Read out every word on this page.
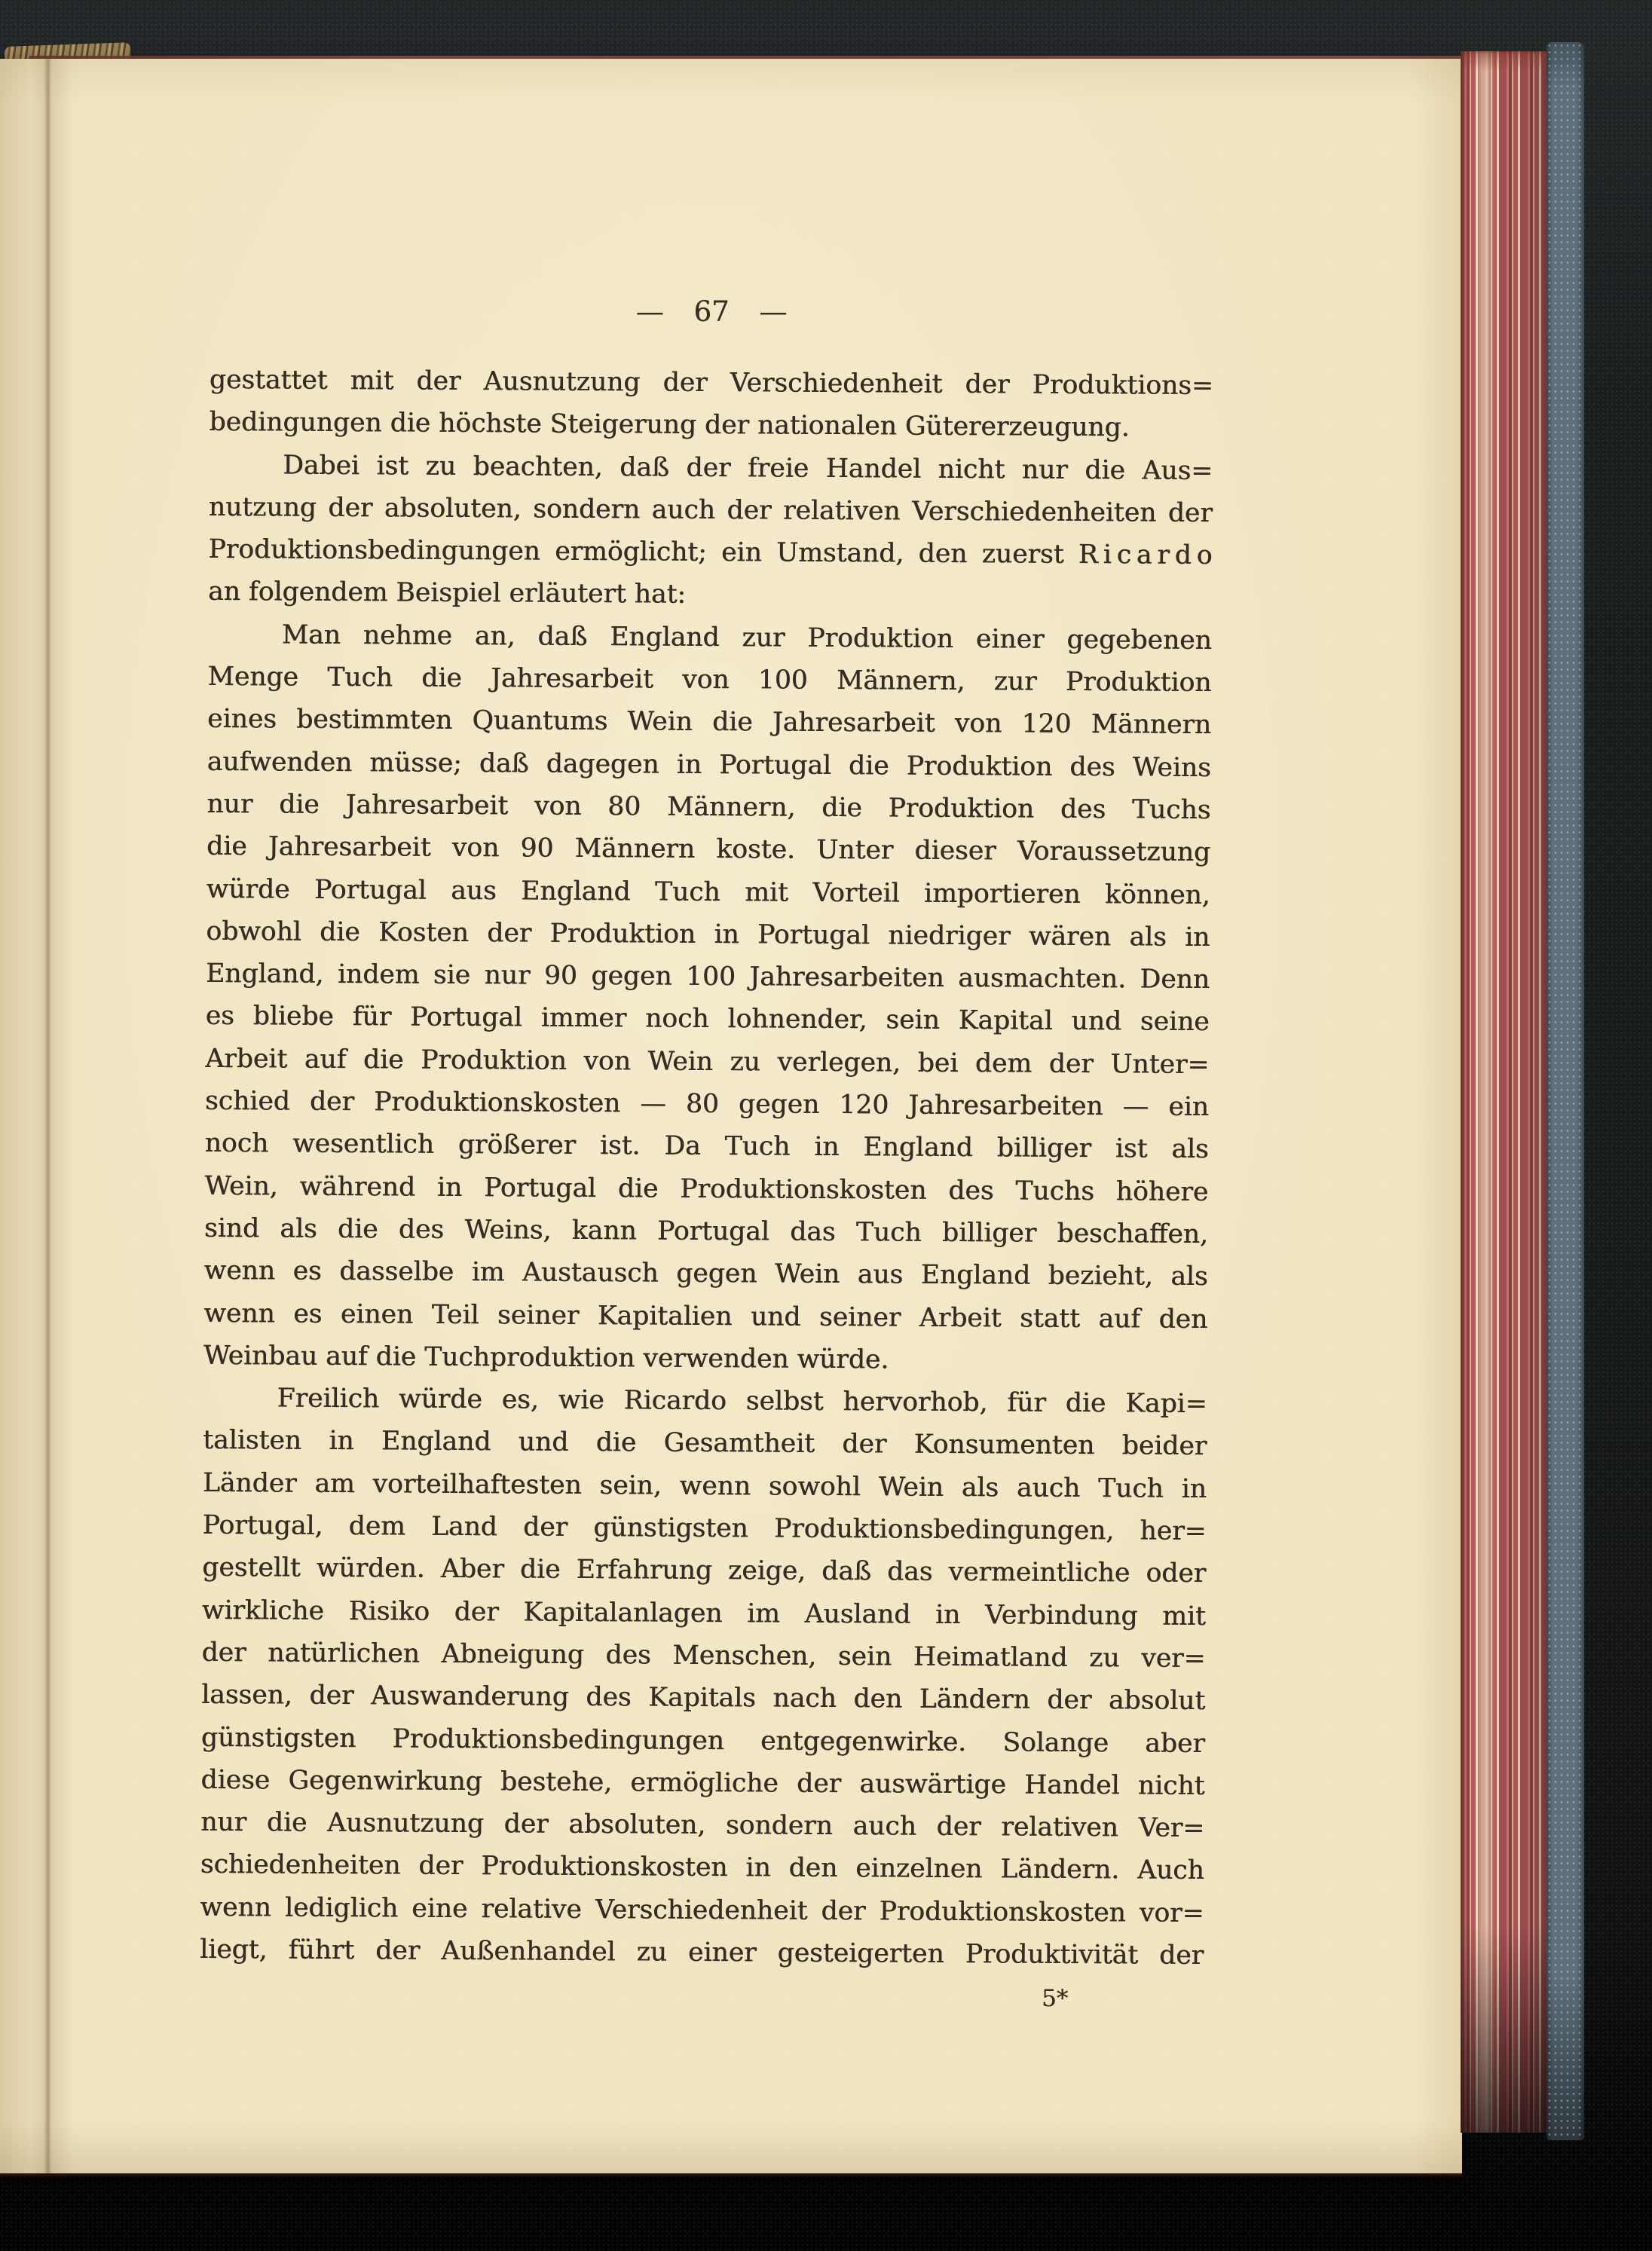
— 67 —
gestattet mit der Ausnutzung der Verschiedenheit der Produktions=
bedingungen die höchste Steigerung der nationalen Gütererzeugung.
Dabei ist zu beachten, daß der freie Handel nicht nur die Aus=
nutzung der absoluten, sondern auch der relativen Verschiedenheiten der
Produktionsbedingungen ermöglicht; ein Umstand, den zuerst R i c a r d o
an folgendem Beispiel erläutert hat:
Man nehme an, daß England zur Produktion einer gegebenen
Menge Tuch die Jahresarbeit von 100 Männern, zur Produktion
eines bestimmten Quantums Wein die Jahresarbeit von 120 Männern
aufwenden müsse; daß dagegen in Portugal die Produktion des Weins
nur die Jahresarbeit von 80 Männern, die Produktion des Tuchs
die Jahresarbeit von 90 Männern koste. Unter dieser Voraussetzung
würde Portugal aus England Tuch mit Vorteil importieren können,
obwohl die Kosten der Produktion in Portugal niedriger wären als in
England, indem sie nur 90 gegen 100 Jahresarbeiten ausmachten. Denn
es bliebe für Portugal immer noch lohnender, sein Kapital und seine
Arbeit auf die Produktion von Wein zu verlegen, bei dem der Unter=
schied der Produktionskosten — 80 gegen 120 Jahresarbeiten — ein
noch wesentlich größerer ist. Da Tuch in England billiger ist als
Wein, während in Portugal die Produktionskosten des Tuchs höhere
sind als die des Weins, kann Portugal das Tuch billiger beschaffen,
wenn es dasselbe im Austausch gegen Wein aus England bezieht, als
wenn es einen Teil seiner Kapitalien und seiner Arbeit statt auf den
Weinbau auf die Tuchproduktion verwenden würde.
Freilich würde es, wie Ricardo selbst hervorhob, für die Kapi=
talisten in England und die Gesamtheit der Konsumenten beider
Länder am vorteilhaftesten sein, wenn sowohl Wein als auch Tuch in
Portugal, dem Land der günstigsten Produktionsbedingungen, her=
gestellt würden. Aber die Erfahrung zeige, daß das vermeintliche oder
wirkliche Risiko der Kapitalanlagen im Ausland in Verbindung mit
der natürlichen Abneigung des Menschen, sein Heimatland zu ver=
lassen, der Auswanderung des Kapitals nach den Ländern der absolut
günstigsten Produktionsbedingungen entgegenwirke. Solange aber
diese Gegenwirkung bestehe, ermögliche der auswärtige Handel nicht
nur die Ausnutzung der absoluten, sondern auch der relativen Ver=
schiedenheiten der Produktionskosten in den einzelnen Ländern. Auch
wenn lediglich eine relative Verschiedenheit der Produktionskosten vor=
liegt, führt der Außenhandel zu einer gesteigerten Produktivität der
5*
